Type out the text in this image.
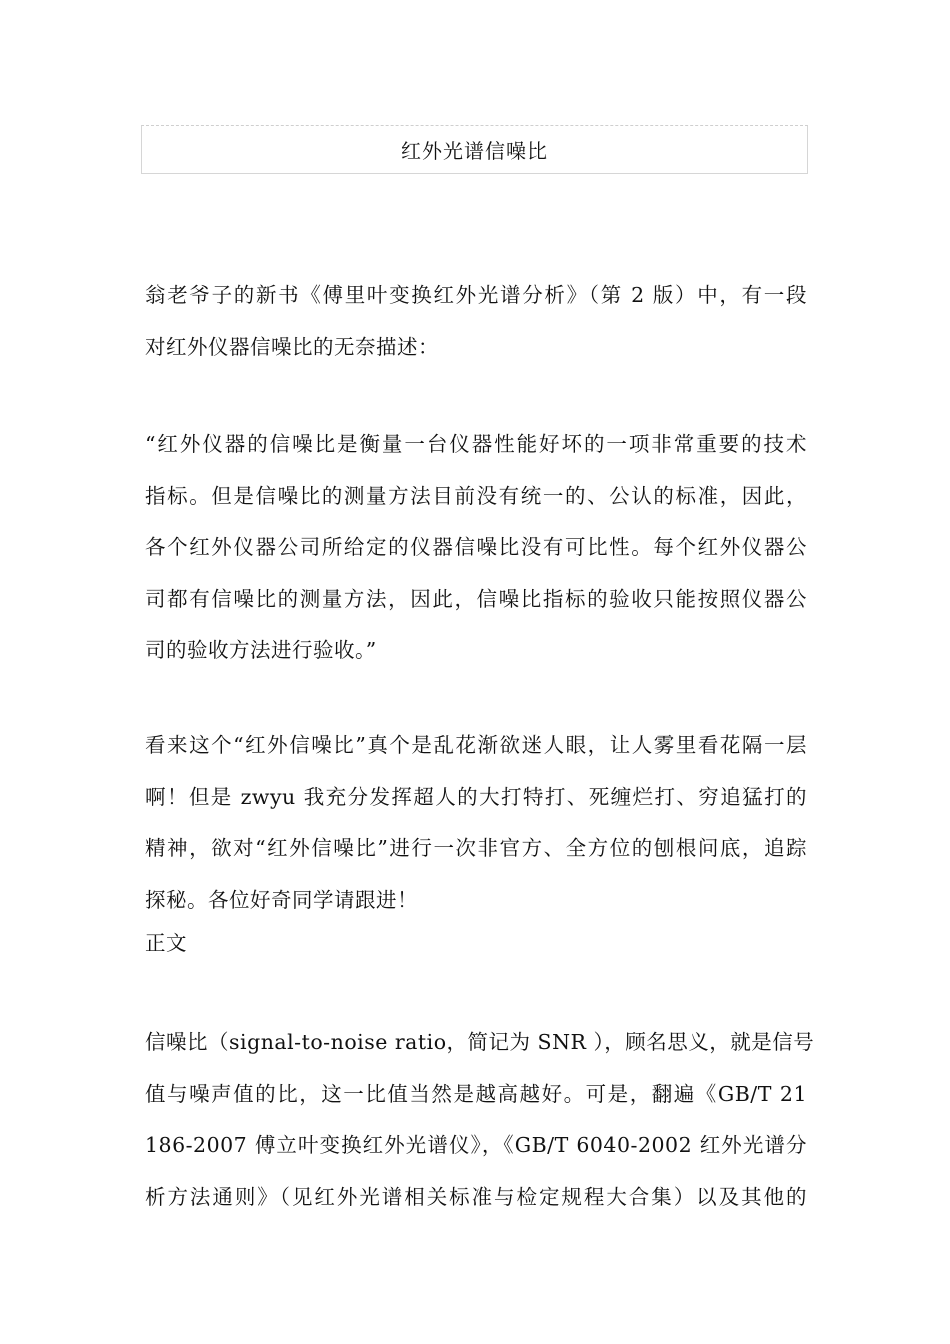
红外光谱信噪比
翁老爷子的新书《傅里叶变换红外光谱分析》（第 2 版）中，有一段
对红外仪器信噪比的无奈描述：
“红外仪器的信噪比是衡量一台仪器性能好坏的一项非常重要的技术
指标。但是信噪比的测量方法目前没有统一的、公认的标准，因此，
各个红外仪器公司所给定的仪器信噪比没有可比性。每个红外仪器公
司都有信噪比的测量方法，因此，信噪比指标的验收只能按照仪器公
司的验收方法进行验收。”
看来这个“红外信噪比”真个是乱花渐欲迷人眼，让人雾里看花隔一层
啊！但是 zwyu 我充分发挥超人的大打特打、死缠烂打、穷追猛打的
精神，欲对“红外信噪比”进行一次非官方、全方位的刨根问底，追踪
探秘。各位好奇同学请跟进！
正文
信噪比（signal-to-noise ratio，简记为 SNR ），顾名思义，就是信号
值与噪声值的比，这一比值当然是越高越好。可是，翻遍《GB/T 21
186-2007 傅立叶变换红外光谱仪》，《GB/T 6040-2002 红外光谱分
析方法通则》（见红外光谱相关标准与检定规程大合集）以及其他的
